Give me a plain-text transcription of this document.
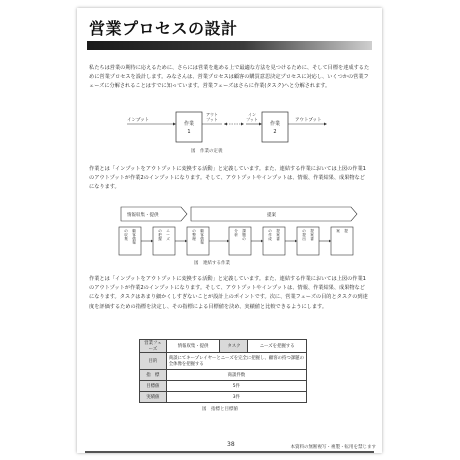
営業プロセスの設計

私たちは営業の期待に応えるために、さらには営業を進める上で最適な方法を見つけるために、そして目標を達成するために営業プロセスを設計します。みなさんは、営業プロセスは顧客の購買意思決定プロセスに対応し、いくつかの営業フェーズに分解されることはすでに知っています。営業フェーズはさらに作業(タスク)へと分解されます。

インプット
作業
1
アウト
プット
イン
プット
作業
2
アウトプット
図　作業の定義

作業とは「インプットをアウトプットに変換する活動」と定義しています。また、連結する作業においては上図の作業1のアウトプットが作業2のインプットになります。そして、アウトプットやインプットは、情報、作業結果、成果物などになります。

情報収集・提供	提案
顧客情報
の収集
ニーズ
の把握
顧客情報
の整理
課題の
分析
提案書
の作成
提案書
の提出
提
案
図　連結する作業

作業とは「インプットをアウトプットに変換する活動」と定義しています。また、連結する作業においては上図の作業1のアウトプットが作業2のインプットになります。そして、アウトプットやインプットは、情報、作業結果、成果物などになります。タスクはあまり細かくしすぎないことが設計上のポイントです。次に、営業フェーズの目的とタスクの到達度を評価するための指標を決定し、その指標による目標値を決め、実績値と比較できるようにします。

営業フェーズ	情報収集・提供	タスク	ニーズを把握する
目的	商談にてキープレイヤーとニーズを完全に把握し、顧客の持つ課題の全体像を把握する		
指　標	商談件数		
目標値	5件		
実績値	3件		
図　指標と目標値
38	本資料の無断複写・複製・転用を禁じます
